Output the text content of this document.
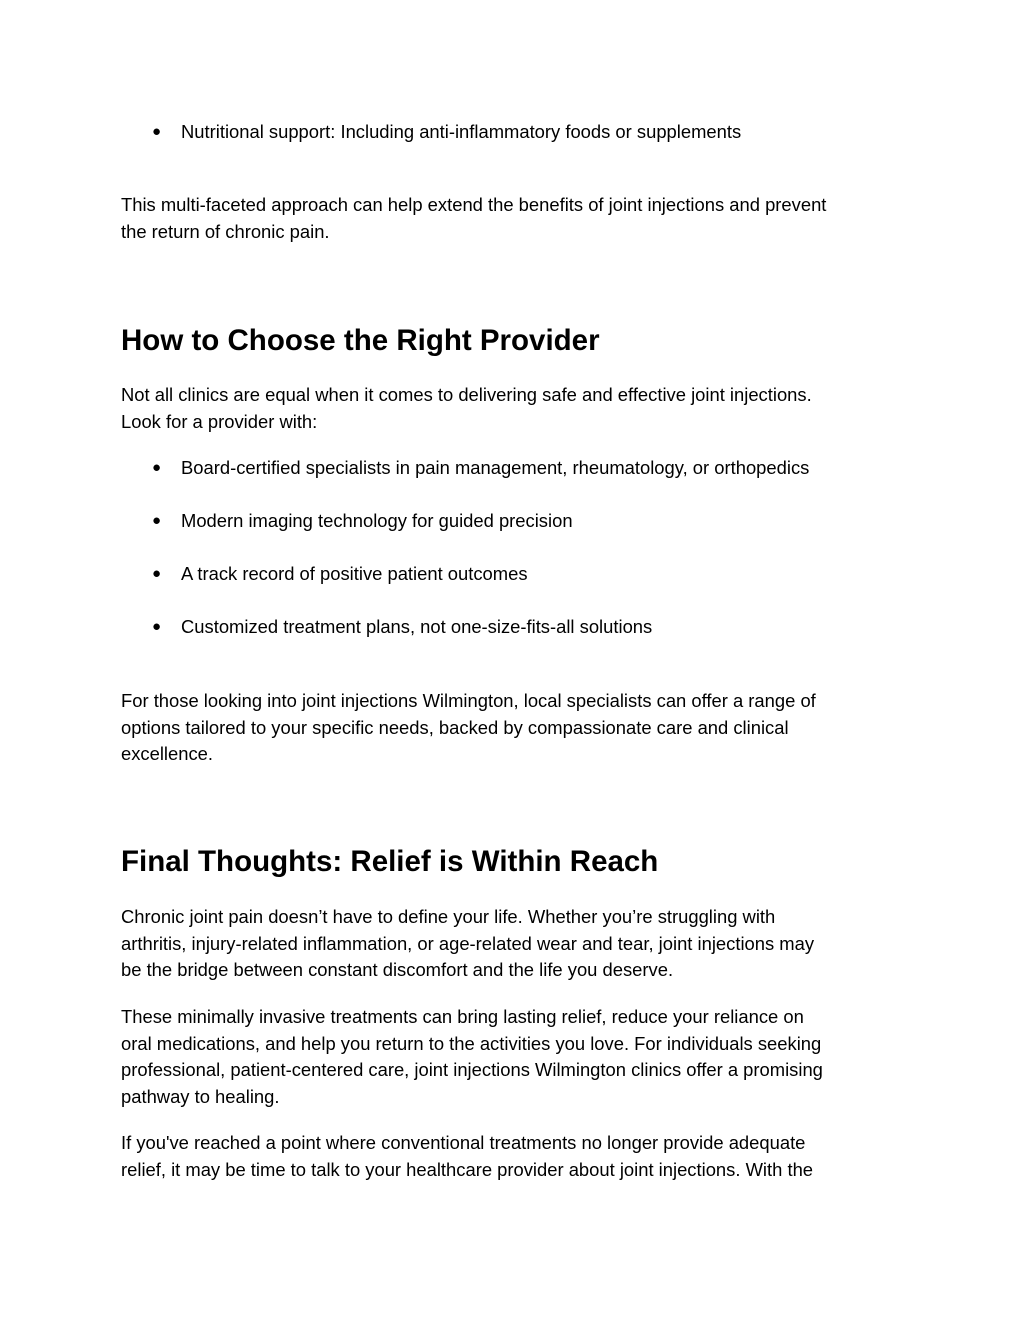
● Nutritional support: Including anti-inflammatory foods or supplements
This multi-faceted approach can help extend the benefits of joint injections and prevent
the return of chronic pain.
How to Choose the Right Provider
Not all clinics are equal when it comes to delivering safe and effective joint injections.
Look for a provider with:
● Board-certified specialists in pain management, rheumatology, or orthopedics
● Modern imaging technology for guided precision
● A track record of positive patient outcomes
● Customized treatment plans, not one-size-fits-all solutions
For those looking into joint injections Wilmington, local specialists can offer a range of
options tailored to your specific needs, backed by compassionate care and clinical
excellence.
Final Thoughts: Relief is Within Reach
Chronic joint pain doesn’t have to define your life. Whether you’re struggling with
arthritis, injury-related inflammation, or age-related wear and tear, joint injections may
be the bridge between constant discomfort and the life you deserve.
These minimally invasive treatments can bring lasting relief, reduce your reliance on
oral medications, and help you return to the activities you love. For individuals seeking
professional, patient-centered care, joint injections Wilmington clinics offer a promising
pathway to healing.
If you've reached a point where conventional treatments no longer provide adequate
relief, it may be time to talk to your healthcare provider about joint injections. With the
